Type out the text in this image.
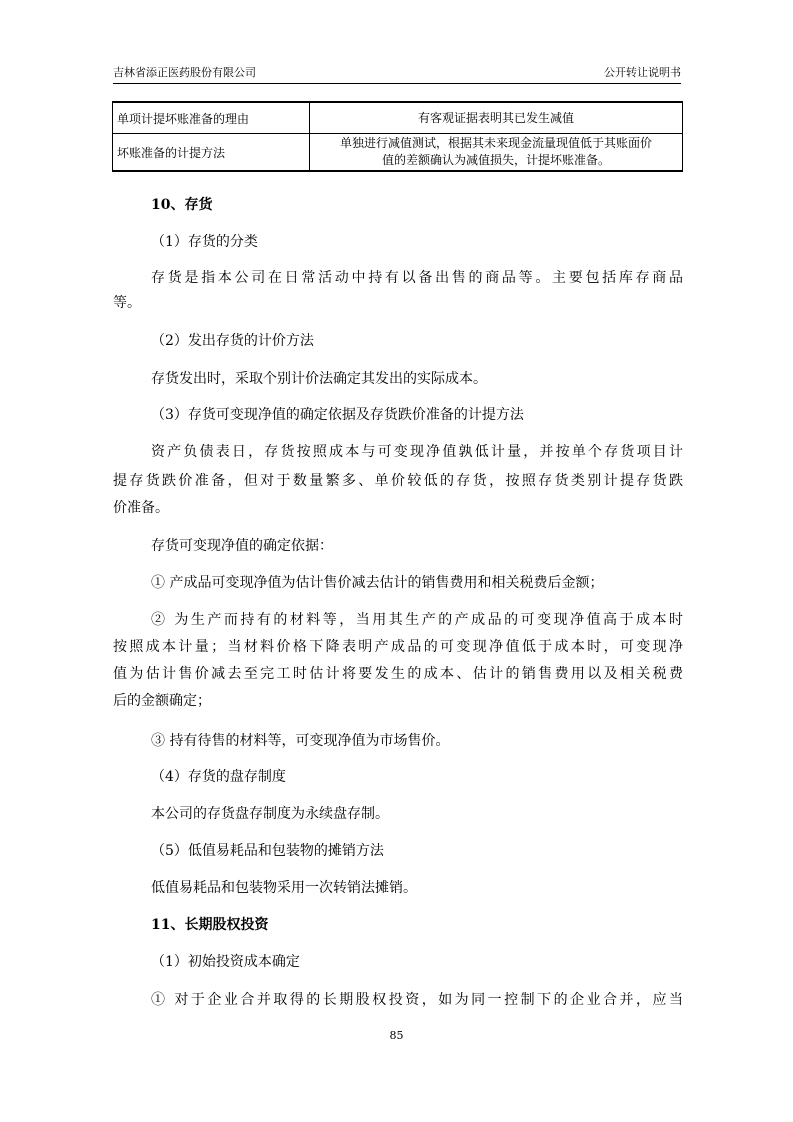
吉林省添正医药股份有限公司	公开转让说明书
单项计提坏账准备的理由	有客观证据表明其已发生减值
坏账准备的计提方法	单独进行减值测试，根据其未来现金流量现值低于其账面价
值的差额确认为减值损失，计提坏账准备。
10、存货
（1）存货的分类
存货是指本公司在日常活动中持有以备出售的商品等。主要包括库存商品
等。
（2）发出存货的计价方法
存货发出时，采取个别计价法确定其发出的实际成本。
（3）存货可变现净值的确定依据及存货跌价准备的计提方法
资产负债表日，存货按照成本与可变现净值孰低计量，并按单个存货项目计
提存货跌价准备，但对于数量繁多、单价较低的存货，按照存货类别计提存货跌
价准备。
存货可变现净值的确定依据：
① 产成品可变现净值为估计售价减去估计的销售费用和相关税费后金额；
② 为生产而持有的材料等，当用其生产的产成品的可变现净值高于成本时
按照成本计量；当材料价格下降表明产成品的可变现净值低于成本时，可变现净
值为估计售价减去至完工时估计将要发生的成本、估计的销售费用以及相关税费
后的金额确定；
③ 持有待售的材料等，可变现净值为市场售价。
（4）存货的盘存制度
本公司的存货盘存制度为永续盘存制。
（5）低值易耗品和包装物的摊销方法
低值易耗品和包装物采用一次转销法摊销。
11、长期股权投资
（1）初始投资成本确定
① 对于企业合并取得的长期股权投资，如为同一控制下的企业合并，应当
85
